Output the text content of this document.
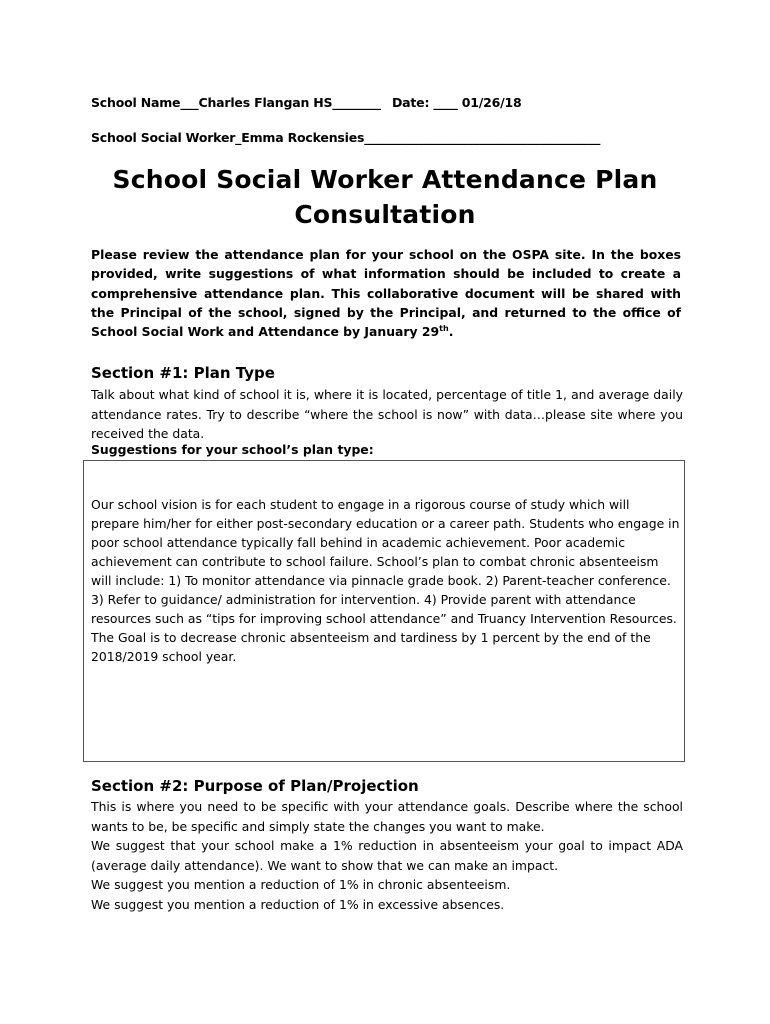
School Name___Charles Flangan HS________ Date: ____ 01/26/18
School Social Worker_Emma Rockensies_______________________________________
School Social Worker Attendance Plan
Consultation
Please review the attendance plan for your school on the OSPA site. In the boxes provided, write suggestions of what information should be included to create a comprehensive attendance plan. This collaborative document will be shared with the Principal of the school, signed by the Principal, and returned to the office of School Social Work and Attendance by January 29th.
Section #1: Plan Type
Talk about what kind of school it is, where it is located, percentage of title 1, and average daily attendance rates. Try to describe “where the school is now” with data…please site where you received the data.
Suggestions for your school’s plan type:
Our school vision is for each student to engage in a rigorous course of study which will prepare him/her for either post-secondary education or a career path. Students who engage in poor school attendance typically fall behind in academic achievement. Poor academic achievement can contribute to school failure. School’s plan to combat chronic absenteeism will include: 1) To monitor attendance via pinnacle grade book. 2) Parent-teacher conference. 3) Refer to guidance/ administration for intervention. 4) Provide parent with attendance resources such as “tips for improving school attendance” and Truancy Intervention Resources. The Goal is to decrease chronic absenteeism and tardiness by 1 percent by the end of the 2018/2019 school year.
Section #2: Purpose of Plan/Projection

This is where you need to be specific with your attendance goals. Describe where the school wants to be, be specific and simply state the changes you want to make.

We suggest that your school make a 1% reduction in absenteeism your goal to impact ADA (average daily attendance). We want to show that we can make an impact.

We suggest you mention a reduction of 1% in chronic absenteeism.

We suggest you mention a reduction of 1% in excessive absences.
